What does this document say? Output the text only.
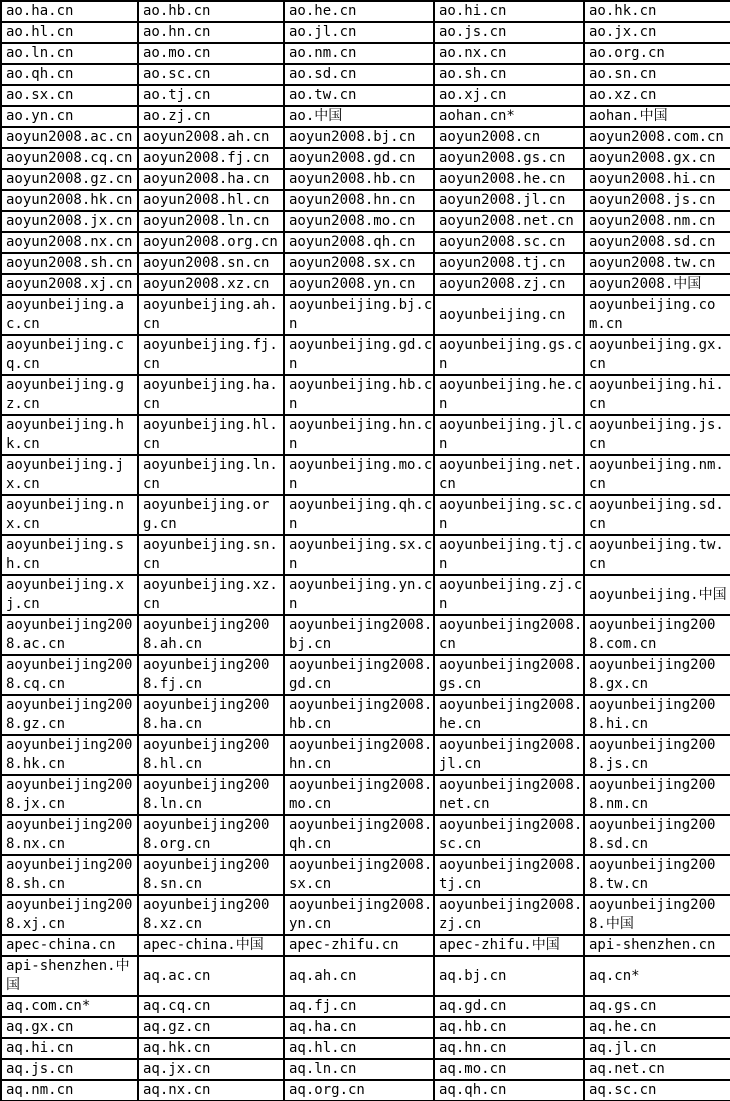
ao.ha.cn	ao.hb.cn	ao.he.cn	ao.hi.cn	ao.hk.cn
ao.hl.cn	ao.hn.cn	ao.jl.cn	ao.js.cn	ao.jx.cn
ao.ln.cn	ao.mo.cn	ao.nm.cn	ao.nx.cn	ao.org.cn
ao.qh.cn	ao.sc.cn	ao.sd.cn	ao.sh.cn	ao.sn.cn
ao.sx.cn	ao.tj.cn	ao.tw.cn	ao.xj.cn	ao.xz.cn
ao.yn.cn	ao.zj.cn	ao.中国	aohan.cn*	aohan.中国
aoyun2008.ac.cn	aoyun2008.ah.cn	aoyun2008.bj.cn	aoyun2008.cn	aoyun2008.com.cn
aoyun2008.cq.cn	aoyun2008.fj.cn	aoyun2008.gd.cn	aoyun2008.gs.cn	aoyun2008.gx.cn
aoyun2008.gz.cn	aoyun2008.ha.cn	aoyun2008.hb.cn	aoyun2008.he.cn	aoyun2008.hi.cn
aoyun2008.hk.cn	aoyun2008.hl.cn	aoyun2008.hn.cn	aoyun2008.jl.cn	aoyun2008.js.cn
aoyun2008.jx.cn	aoyun2008.ln.cn	aoyun2008.mo.cn	aoyun2008.net.cn	aoyun2008.nm.cn
aoyun2008.nx.cn	aoyun2008.org.cn	aoyun2008.qh.cn	aoyun2008.sc.cn	aoyun2008.sd.cn
aoyun2008.sh.cn	aoyun2008.sn.cn	aoyun2008.sx.cn	aoyun2008.tj.cn	aoyun2008.tw.cn
aoyun2008.xj.cn	aoyun2008.xz.cn	aoyun2008.yn.cn	aoyun2008.zj.cn	aoyun2008.中国
aoyunbeijing.ac.cn	aoyunbeijing.ah.cn	aoyunbeijing.bj.cn	aoyunbeijing.cn	aoyunbeijing.com.cn
aoyunbeijing.cq.cn	aoyunbeijing.fj.cn	aoyunbeijing.gd.cn	aoyunbeijing.gs.cn	aoyunbeijing.gx.cn
aoyunbeijing.gz.cn	aoyunbeijing.ha.cn	aoyunbeijing.hb.cn	aoyunbeijing.he.cn	aoyunbeijing.hi.cn
aoyunbeijing.hk.cn	aoyunbeijing.hl.cn	aoyunbeijing.hn.cn	aoyunbeijing.jl.cn	aoyunbeijing.js.cn
aoyunbeijing.jx.cn	aoyunbeijing.ln.cn	aoyunbeijing.mo.cn	aoyunbeijing.net.cn	aoyunbeijing.nm.cn
aoyunbeijing.nx.cn	aoyunbeijing.org.cn	aoyunbeijing.qh.cn	aoyunbeijing.sc.cn	aoyunbeijing.sd.cn
aoyunbeijing.sh.cn	aoyunbeijing.sn.cn	aoyunbeijing.sx.cn	aoyunbeijing.tj.cn	aoyunbeijing.tw.cn
aoyunbeijing.xj.cn	aoyunbeijing.xz.cn	aoyunbeijing.yn.cn	aoyunbeijing.zj.cn	aoyunbeijing.中国
aoyunbeijing2008.ac.cn	aoyunbeijing2008.ah.cn	aoyunbeijing2008.bj.cn	aoyunbeijing2008.cn	aoyunbeijing2008.com.cn
aoyunbeijing2008.cq.cn	aoyunbeijing2008.fj.cn	aoyunbeijing2008.gd.cn	aoyunbeijing2008.gs.cn	aoyunbeijing2008.gx.cn
aoyunbeijing2008.gz.cn	aoyunbeijing2008.ha.cn	aoyunbeijing2008.hb.cn	aoyunbeijing2008.he.cn	aoyunbeijing2008.hi.cn
aoyunbeijing2008.hk.cn	aoyunbeijing2008.hl.cn	aoyunbeijing2008.hn.cn	aoyunbeijing2008.jl.cn	aoyunbeijing2008.js.cn
aoyunbeijing2008.jx.cn	aoyunbeijing2008.ln.cn	aoyunbeijing2008.mo.cn	aoyunbeijing2008.net.cn	aoyunbeijing2008.nm.cn
aoyunbeijing2008.nx.cn	aoyunbeijing2008.org.cn	aoyunbeijing2008.qh.cn	aoyunbeijing2008.sc.cn	aoyunbeijing2008.sd.cn
aoyunbeijing2008.sh.cn	aoyunbeijing2008.sn.cn	aoyunbeijing2008.sx.cn	aoyunbeijing2008.tj.cn	aoyunbeijing2008.tw.cn
aoyunbeijing2008.xj.cn	aoyunbeijing2008.xz.cn	aoyunbeijing2008.yn.cn	aoyunbeijing2008.zj.cn	aoyunbeijing2008.中国
apec-china.cn	apec-china.中国	apec-zhifu.cn	apec-zhifu.中国	api-shenzhen.cn
api-shenzhen.中国	aq.ac.cn	aq.ah.cn	aq.bj.cn	aq.cn*
aq.com.cn*	aq.cq.cn	aq.fj.cn	aq.gd.cn	aq.gs.cn
aq.gx.cn	aq.gz.cn	aq.ha.cn	aq.hb.cn	aq.he.cn
aq.hi.cn	aq.hk.cn	aq.hl.cn	aq.hn.cn	aq.jl.cn
aq.js.cn	aq.jx.cn	aq.ln.cn	aq.mo.cn	aq.net.cn
aq.nm.cn	aq.nx.cn	aq.org.cn	aq.qh.cn	aq.sc.cn
